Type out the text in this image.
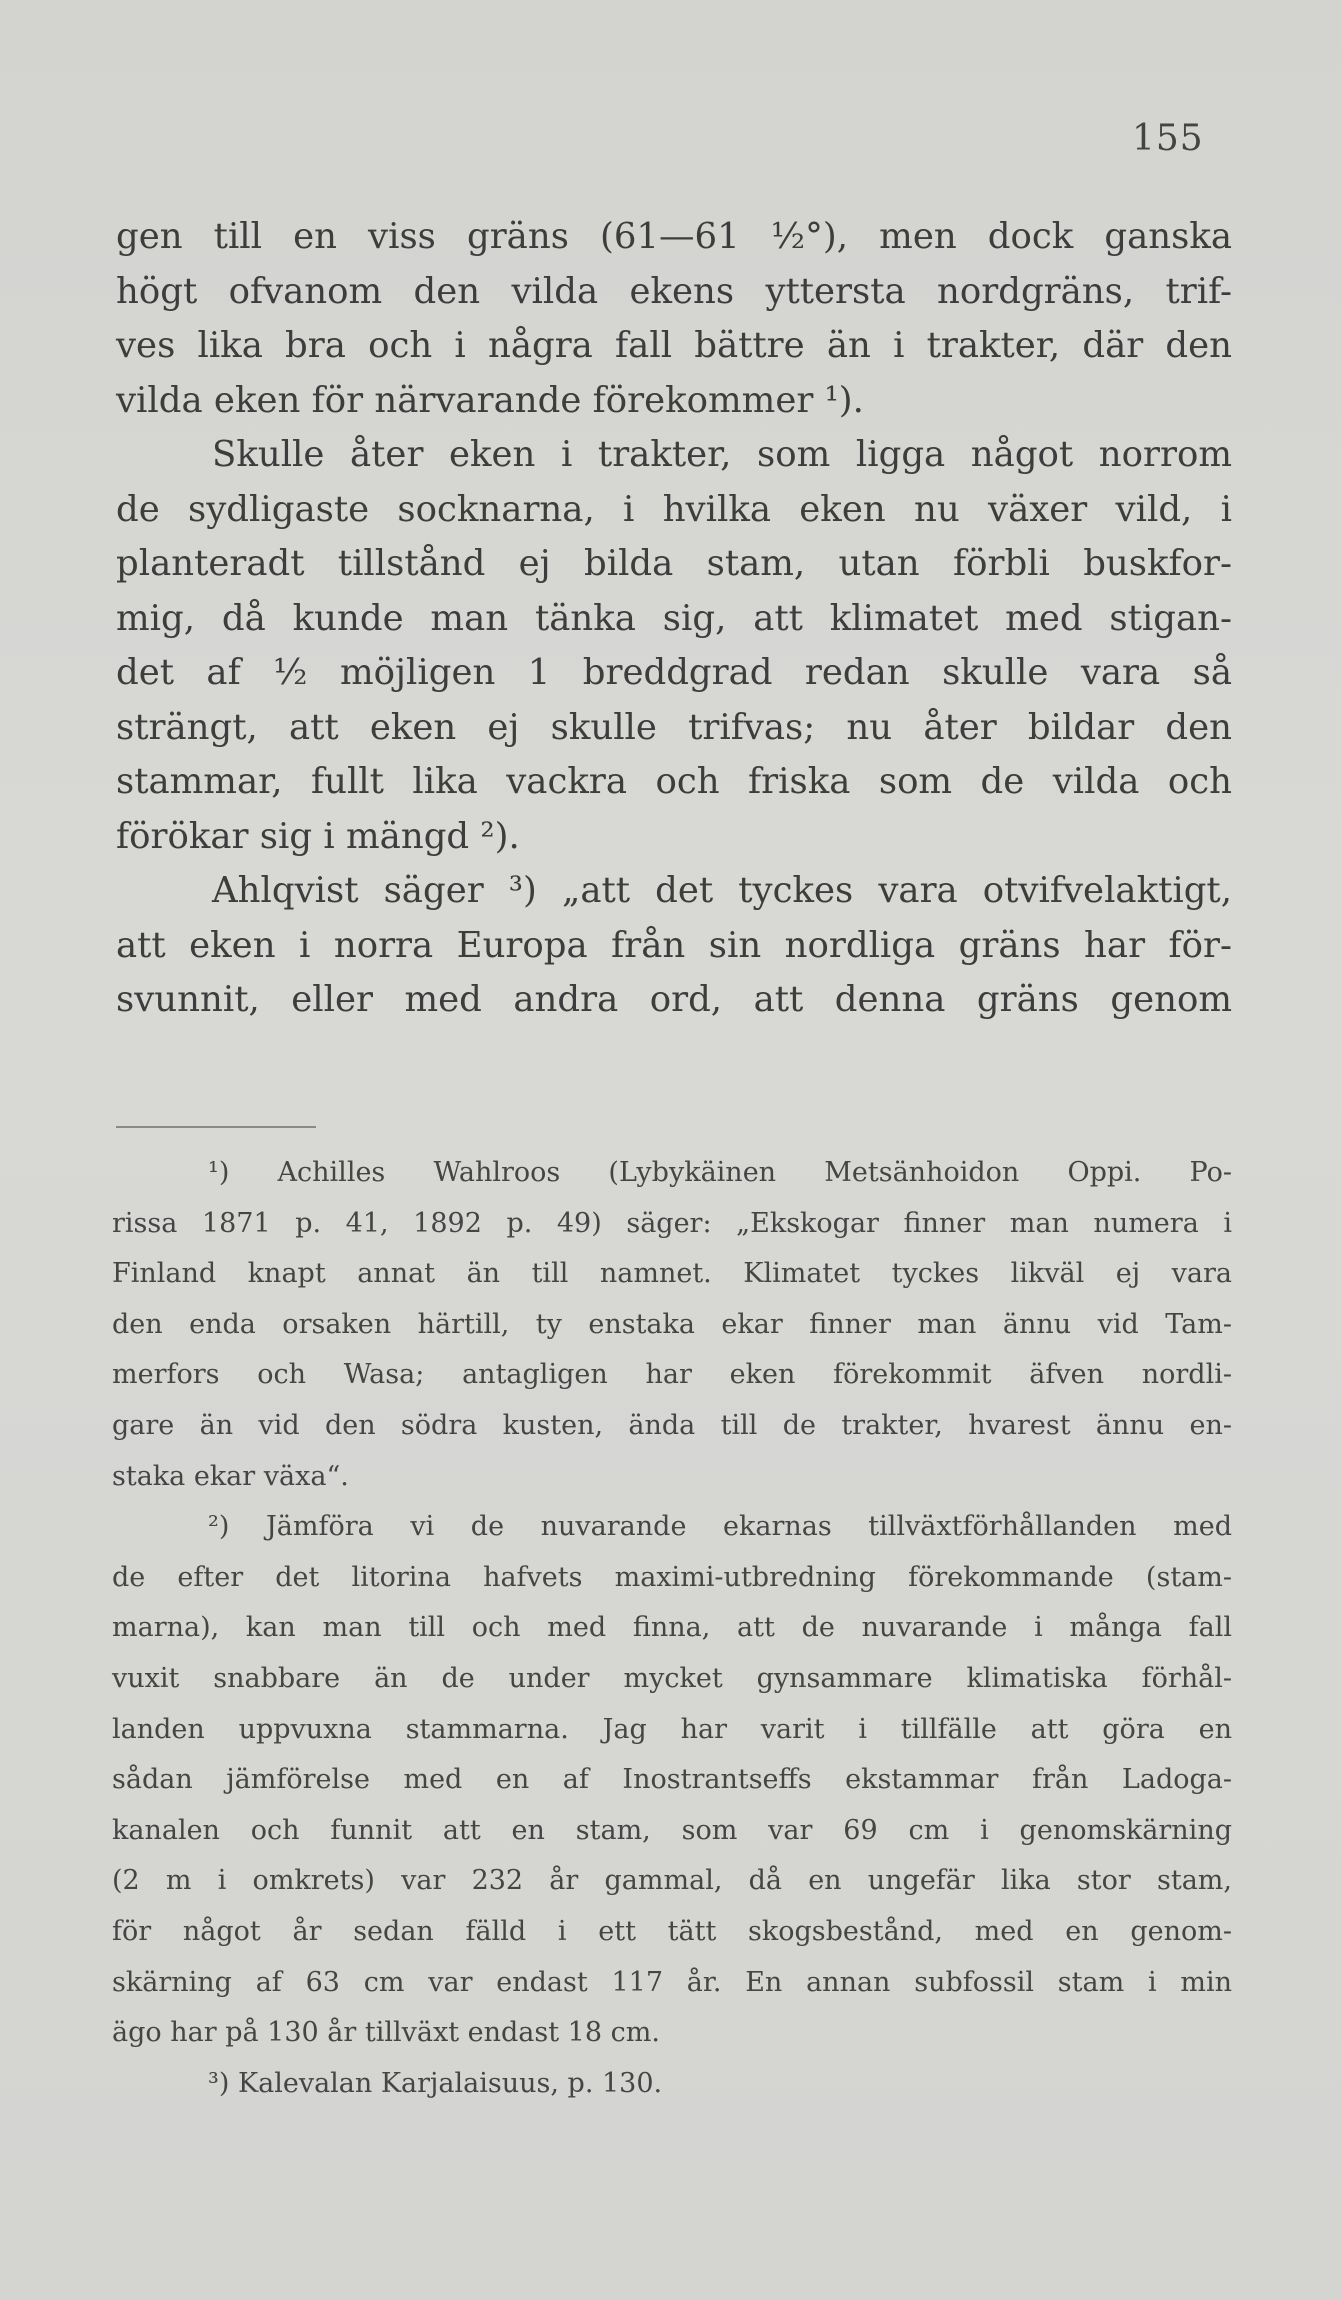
155
gen till en viss gräns (61—61 ½°), men dock ganska
högt ofvanom den vilda ekens yttersta nordgräns, trif-
ves lika bra och i några fall bättre än i trakter, där den
vilda eken för närvarande förekommer ¹).
Skulle åter eken i trakter, som ligga något norrom
de sydligaste socknarna, i hvilka eken nu växer vild, i
planteradt tillstånd ej bilda stam, utan förbli buskfor-
mig, då kunde man tänka sig, att klimatet med stigan-
det af ½ möjligen 1 breddgrad redan skulle vara så
strängt, att eken ej skulle trifvas; nu åter bildar den
stammar, fullt lika vackra och friska som de vilda och
förökar sig i mängd ²).
Ahlqvist säger ³) „att det tyckes vara otvifvelaktigt,
att eken i norra Europa från sin nordliga gräns har för-
svunnit, eller med andra ord, att denna gräns genom
¹) Achilles Wahlroos (Lybykäinen Metsänhoidon Oppi. Po-
rissa 1871 p. 41, 1892 p. 49) säger: „Ekskogar finner man numera i
Finland knapt annat än till namnet. Klimatet tyckes likväl ej vara
den enda orsaken härtill, ty enstaka ekar finner man ännu vid Tam-
merfors och Wasa; antagligen har eken förekommit äfven nordli-
gare än vid den södra kusten, ända till de trakter, hvarest ännu en-
staka ekar växa“.
²) Jämföra vi de nuvarande ekarnas tillväxtförhållanden med
de efter det litorina hafvets maximi-utbredning förekommande (stam-
marna), kan man till och med finna, att de nuvarande i många fall
vuxit snabbare än de under mycket gynsammare klimatiska förhål-
landen uppvuxna stammarna. Jag har varit i tillfälle att göra en
sådan jämförelse med en af Inostrantseffs ekstammar från Ladoga-
kanalen och funnit att en stam, som var 69 cm i genomskärning
(2 m i omkrets) var 232 år gammal, då en ungefär lika stor stam,
för något år sedan fälld i ett tätt skogsbestånd, med en genom-
skärning af 63 cm var endast 117 år. En annan subfossil stam i min
ägo har på 130 år tillväxt endast 18 cm.
³) Kalevalan Karjalaisuus, p. 130.
